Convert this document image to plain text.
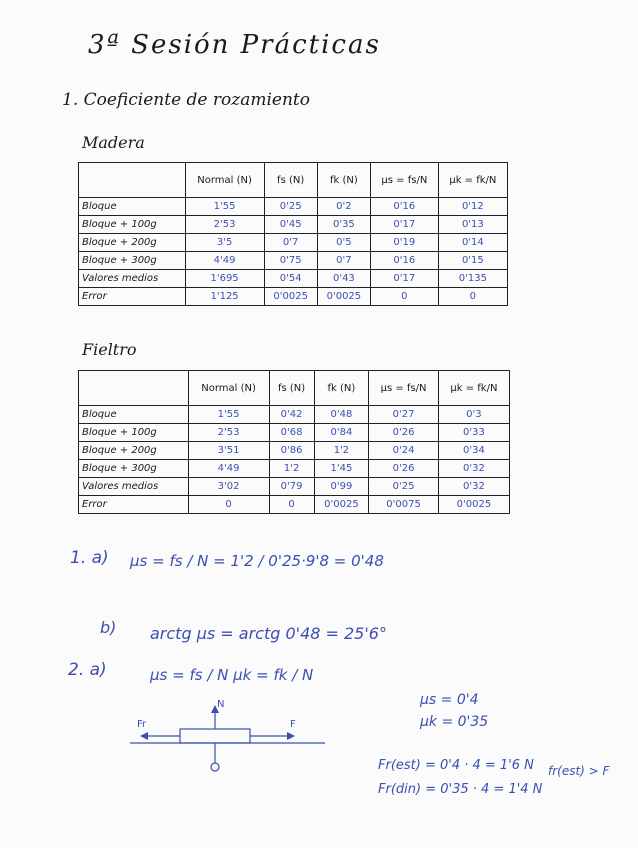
3ª Sesión Prácticas
1. Coeficiente de rozamiento
Madera
	Normal (N)	fs (N)	fk (N)	μs = fs/N	μk = fk/N
Bloque	1'55	0'25	0'2	0'16	0'12
Bloque + 100g	2'53	0'45	0'35	0'17	0'13
Bloque + 200g	3'5	0'7	0'5	0'19	0'14
Bloque + 300g	4'49	0'75	0'7	0'16	0'15
Valores medios	1'695	0'54	0'43	0'17	0'135
Error	1'125	0'0025	0'0025	0	0
Fieltro
	Normal (N)	fs (N)	fk (N)	μs = fs/N	μk = fk/N
Bloque	1'55	0'42	0'48	0'27	0'3
Bloque + 100g	2'53	0'68	0'84	0'26	0'33
Bloque + 200g	3'51	0'86	1'2	0'24	0'34
Bloque + 300g	4'49	1'2	1'45	0'26	0'32
Valores medios	3'02	0'79	0'99	0'25	0'32
Error	0	0	0'0025	0'0075	0'0025
1. a) μs = fs / N = 1'2 / 0'25·9'8 = 0'48
b) arctg μs = arctg 0'48 = 25'6°
2. a)	μs = fs / N μk = fk / N
μs = 0'4
μk = 0'35
N
Fr	F
Fr(est) = 0'4 · 4 = 1'6 N
Fr(din) = 0'35 · 4 = 1'4 N
fr(est) > F
